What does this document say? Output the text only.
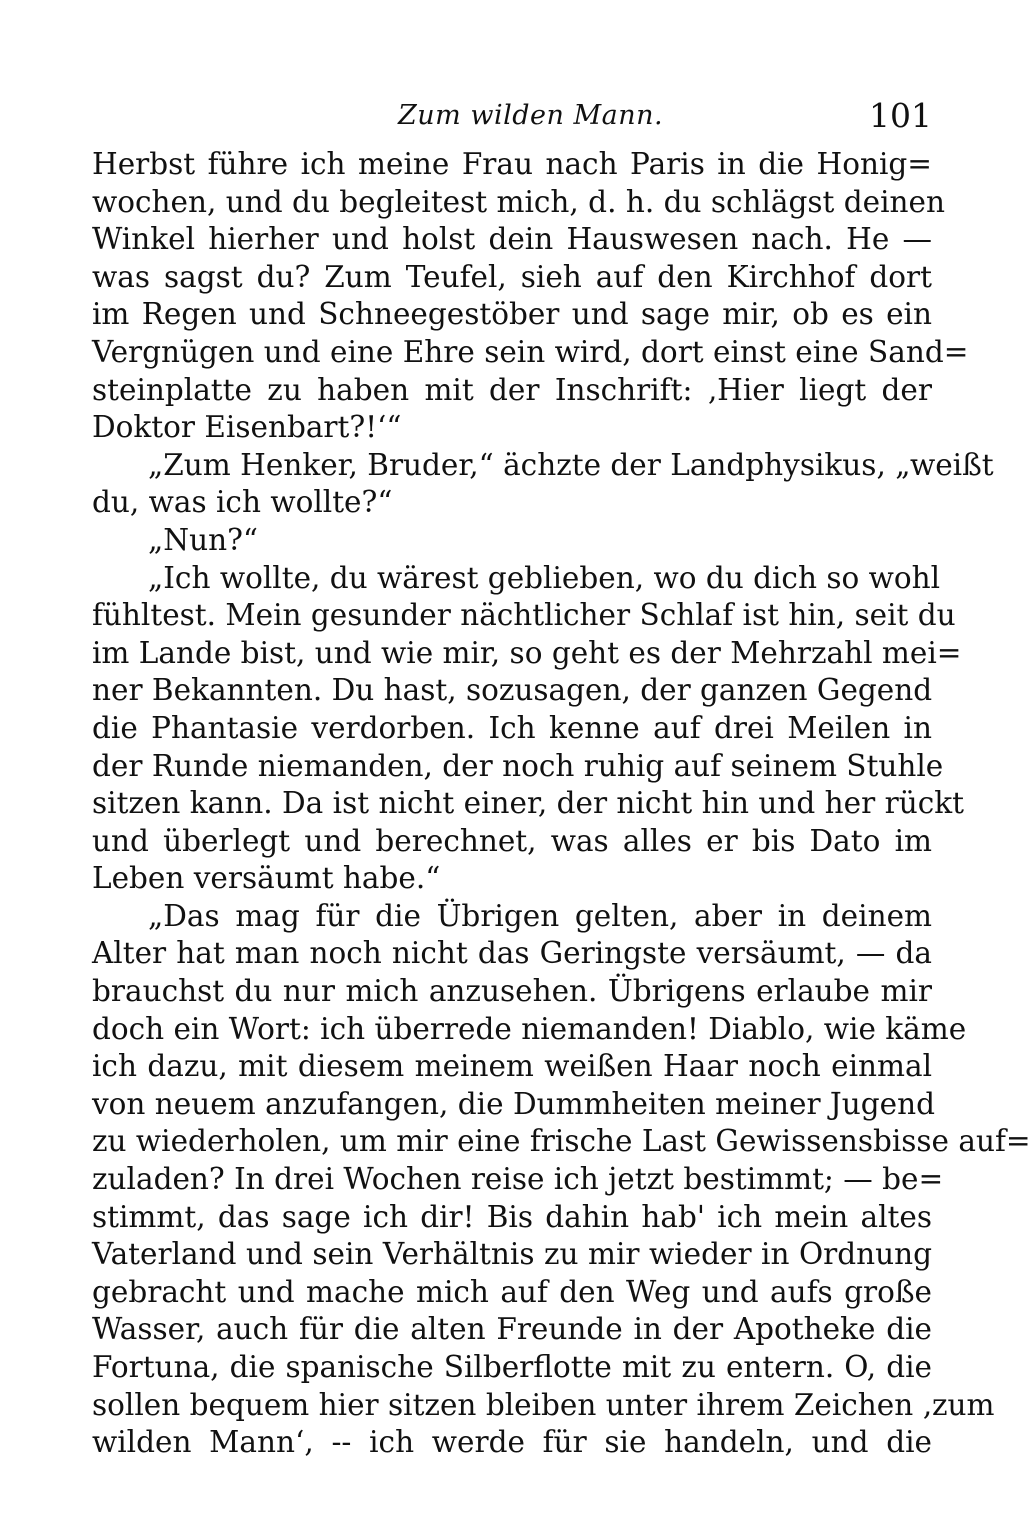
Zum wilden Mann.	101
Herbst führe ich meine Frau nach Paris in die Honig=
wochen, und du begleitest mich, d. h. du schlägst deinen
Winkel hierher und holst dein Hauswesen nach. He —
was sagst du? Zum Teufel, sieh auf den Kirchhof dort
im Regen und Schneegestöber und sage mir, ob es ein
Vergnügen und eine Ehre sein wird, dort einst eine Sand=
steinplatte zu haben mit der Inschrift: ‚Hier liegt der
Doktor Eisenbart?!‘“
„Zum Henker, Bruder,“ ächzte der Landphysikus, „weißt
du, was ich wollte?“
„Nun?“
„Ich wollte, du wärest geblieben, wo du dich so wohl
fühltest. Mein gesunder nächtlicher Schlaf ist hin, seit du
im Lande bist, und wie mir, so geht es der Mehrzahl mei=
ner Bekannten. Du hast, sozusagen, der ganzen Gegend
die Phantasie verdorben. Ich kenne auf drei Meilen in
der Runde niemanden, der noch ruhig auf seinem Stuhle
sitzen kann. Da ist nicht einer, der nicht hin und her rückt
und überlegt und berechnet, was alles er bis Dato im
Leben versäumt habe.“
„Das mag für die Übrigen gelten, aber in deinem
Alter hat man noch nicht das Geringste versäumt, — da
brauchst du nur mich anzusehen. Übrigens erlaube mir
doch ein Wort: ich überrede niemanden! Diablo, wie käme
ich dazu, mit diesem meinem weißen Haar noch einmal
von neuem anzufangen, die Dummheiten meiner Jugend
zu wiederholen, um mir eine frische Last Gewissensbisse auf=
zuladen? In drei Wochen reise ich jetzt bestimmt; — be=
stimmt, das sage ich dir! Bis dahin hab' ich mein altes
Vaterland und sein Verhältnis zu mir wieder in Ordnung
gebracht und mache mich auf den Weg und aufs große
Wasser, auch für die alten Freunde in der Apotheke die
Fortuna, die spanische Silberflotte mit zu entern. O, die
sollen bequem hier sitzen bleiben unter ihrem Zeichen ‚zum
wilden Mann‘, -- ich werde für sie handeln, und die
